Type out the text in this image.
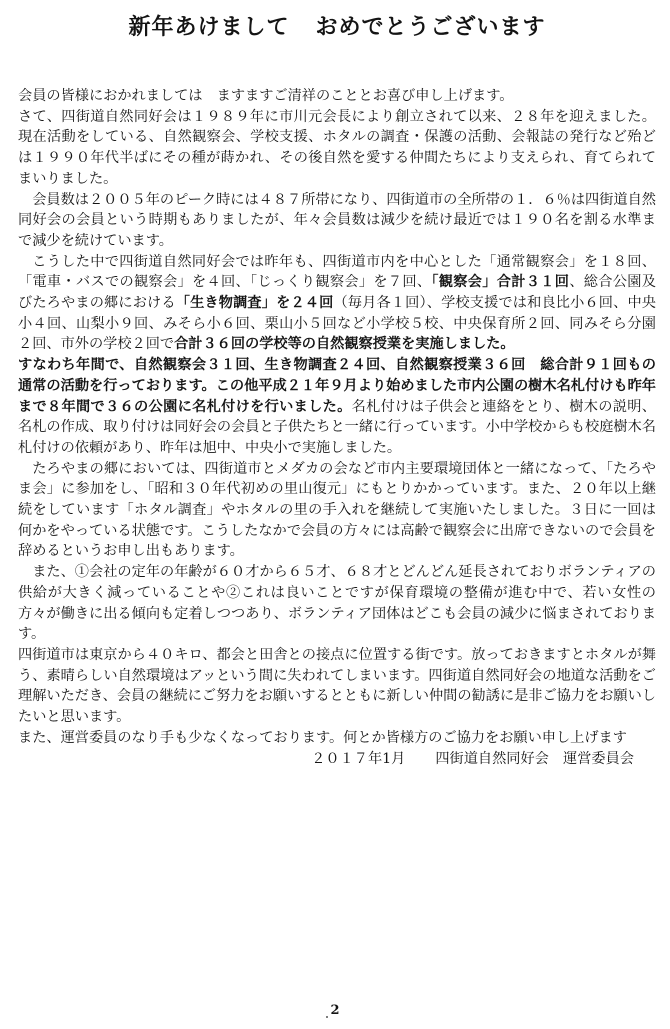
新年あけまして おめでとうございます

会員の皆様におかれましては　ますますご清祥のこととお喜び申し上げます。

さて、四街道自然同好会は１９８９年に市川元会長により創立されて以来、２８年を迎えました。現在活動をしている、自然観察会、学校支援、ホタルの調査・保護の活動、会報誌の発行など殆どは１９９０年代半ばにその種が蒔かれ、その後自然を愛する仲間たちにより支えられ、育てられてまいりました。

会員数は２００５年のピーク時には４８７所帯になり、四街道市の全所帯の１．６％は四街道自然同好会の会員という時期もありましたが、年々会員数は減少を続け最近では１９０名を割る水準まで減少を続けています。

こうした中で四街道自然同好会では昨年も、四街道市内を中心とした「通常観察会」を１８回、「電車・バスでの観察会」を４回、「じっくり観察会」を７回、「観察会」合計３１回、総合公園及びたろやまの郷における「生き物調査」を２４回（毎月各１回）、学校支援では和良比小６回、中央小４回、山梨小９回、みそら小６回、栗山小５回など小学校５校、中央保育所２回、同みそら分園２回、市外の学校２回で合計３６回の学校等の自然観察授業を実施しました。

すなわち年間で、自然観察会３１回、生き物調査２４回、自然観察授業３６回　総合計９１回もの通常の活動を行っております。この他平成２１年９月より始めました市内公園の樹木名札付けも昨年まで８年間で３６の公園に名札付けを行いました。名札付けは子供会と連絡をとり、樹木の説明、名札の作成、取り付けは同好会の会員と子供たちと一緒に行っています。小中学校からも校庭樹木名札付けの依頼があり、昨年は旭中、中央小で実施しました。

たろやまの郷においては、四街道市とメダカの会など市内主要環境団体と一緒になって、「たろやま会」に参加をし、「昭和３０年代初めの里山復元」にもとりかかっています。また、２０年以上継続をしています「ホタル調査」やホタルの里の手入れを継続して実施いたしました。３日に一回は何かをやっている状態です。こうしたなかで会員の方々には高齢で観察会に出席できないので会員を辞めるというお申し出もあります。

また、①会社の定年の年齢が６０才から６５才、６８才とどんどん延長されておりボランティアの供給が大きく減っていることや②これは良いことですが保育環境の整備が進む中で、若い女性の方々が働きに出る傾向も定着しつつあり、ボランティア団体はどこも会員の減少に悩まされております。

四街道市は東京から４０キロ、都会と田舎との接点に位置する街です。放っておきますとホタルが舞う、素晴らしい自然環境はアッという間に失われてしまいます。四街道自然同好会の地道な活動をご理解いただき、会員の継続にご努力をお願いするとともに新しい仲間の勧誘に是非ご協力をお願いしたいと思います。

また、運営委員のなり手も少なくなっております。何とか皆様方のご協力をお願い申し上げます

２０１７年1月 四街道自然同好会　運営委員会

2
